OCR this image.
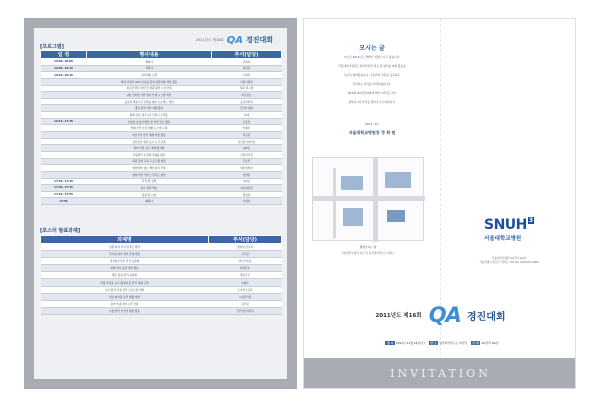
2011년도 제16회 QA 경진대회
[프로그램]
일 정	행사내용	부서(담당)
16:00~16:05	개회사	사회자
16:05~16:10	격려사	병원장
16:10~16:15	심사위원 소개	사회자
	의대 어린이 VOC 조사를 통한 불편사항 개선 활동	어린이병원
	내시경 검사 대기 및 결과 확인 시간 단축	내과 내시경
	(새) 모바일 기반 환자 안내 시스템 개선	의료정보
	응급실 체류시간 단축을 위한 프로세스 개선	응급의학과
	병동 환자 낙상 예방 활동	간호부 병동
	외래 진료 대기시간 단축 프로젝트	외래
16:15~17:35	수술실 효율성 향상 및 지연 감소 활동	수술실
	약제 투약 오류 예방 시스템 구축	약제부
	의료기기 관리 체계 개선 활동	의공팀
	진단검사 결과 보고 시간 단축	진단검사의학과
	환자 안전 보고 체계 활성화	QA팀
	감염관리 손위생 수행률 향상	감염관리실
	퇴원 환자 교육 프로그램 개선	간호부
	영상의학 검사 예약 대기 단축	영상의학과
	영양 상담 서비스 만족도 향상	영양팀
17:35~17:40	휴식 및 집계	QA팀
17:40~17:45	심사 결과 발표	심사위원장
17:45~17:55	총평 및 시상	병원장
17:55	폐회사	사회자
[포스터 발표과제]
과제명	부서(담당)
입원 환자 식사 만족도 향상	영양팀 심사과
주사실 대기 환자 안내 개선	주사실
전자의무기록 서식 표준화	의무기록팀
외래 검사 동선 개선 활동	외래간호
병동 물품 관리 효율화	병동간호
약물 부작용 보고 활성화 및 관리 체계 구축	약제부
소아 환자 진정 관리 프로토콜 개선	소아청소년과
의료 폐기물 분리 배출 개선	시설관리팀
환자 이송 대기시간 단축	원무팀
수혈 관리 안전성 향상 활동	진단검사의학과
모시는 글
어느덧 2011년도 한해가 저물어 가고 있습니다.
서울대학교병원은 환자안전과 의료 질 향상을 위한 활동을
꾸준히 펼쳐왔습니다. 그동안의 성과를 공유하고
격려하는 자리를 마련하였습니다.
제16회 QA경진대회에 바쁘시더라도 부디
참석하시어 자리를 빛내주시기 바랍니다.
2011. 11.
서울대학교병원장 정 희 원
찾아오시는 길
서울대학교병원 본관 및 임상의학연구소 위치도
SNUH $^3$
서울대학교병원
서울대학교병원 QA전략 QA팀
서울특별시 종로구 대학로 101 Tel. 02)2072-0000
2011년도 제16회 QA 경진대회
일 시 2011년 11월 18일(금) 장 소 임상의학연구소 대강당 주 관 QA전략 QA팀
INVITATION
